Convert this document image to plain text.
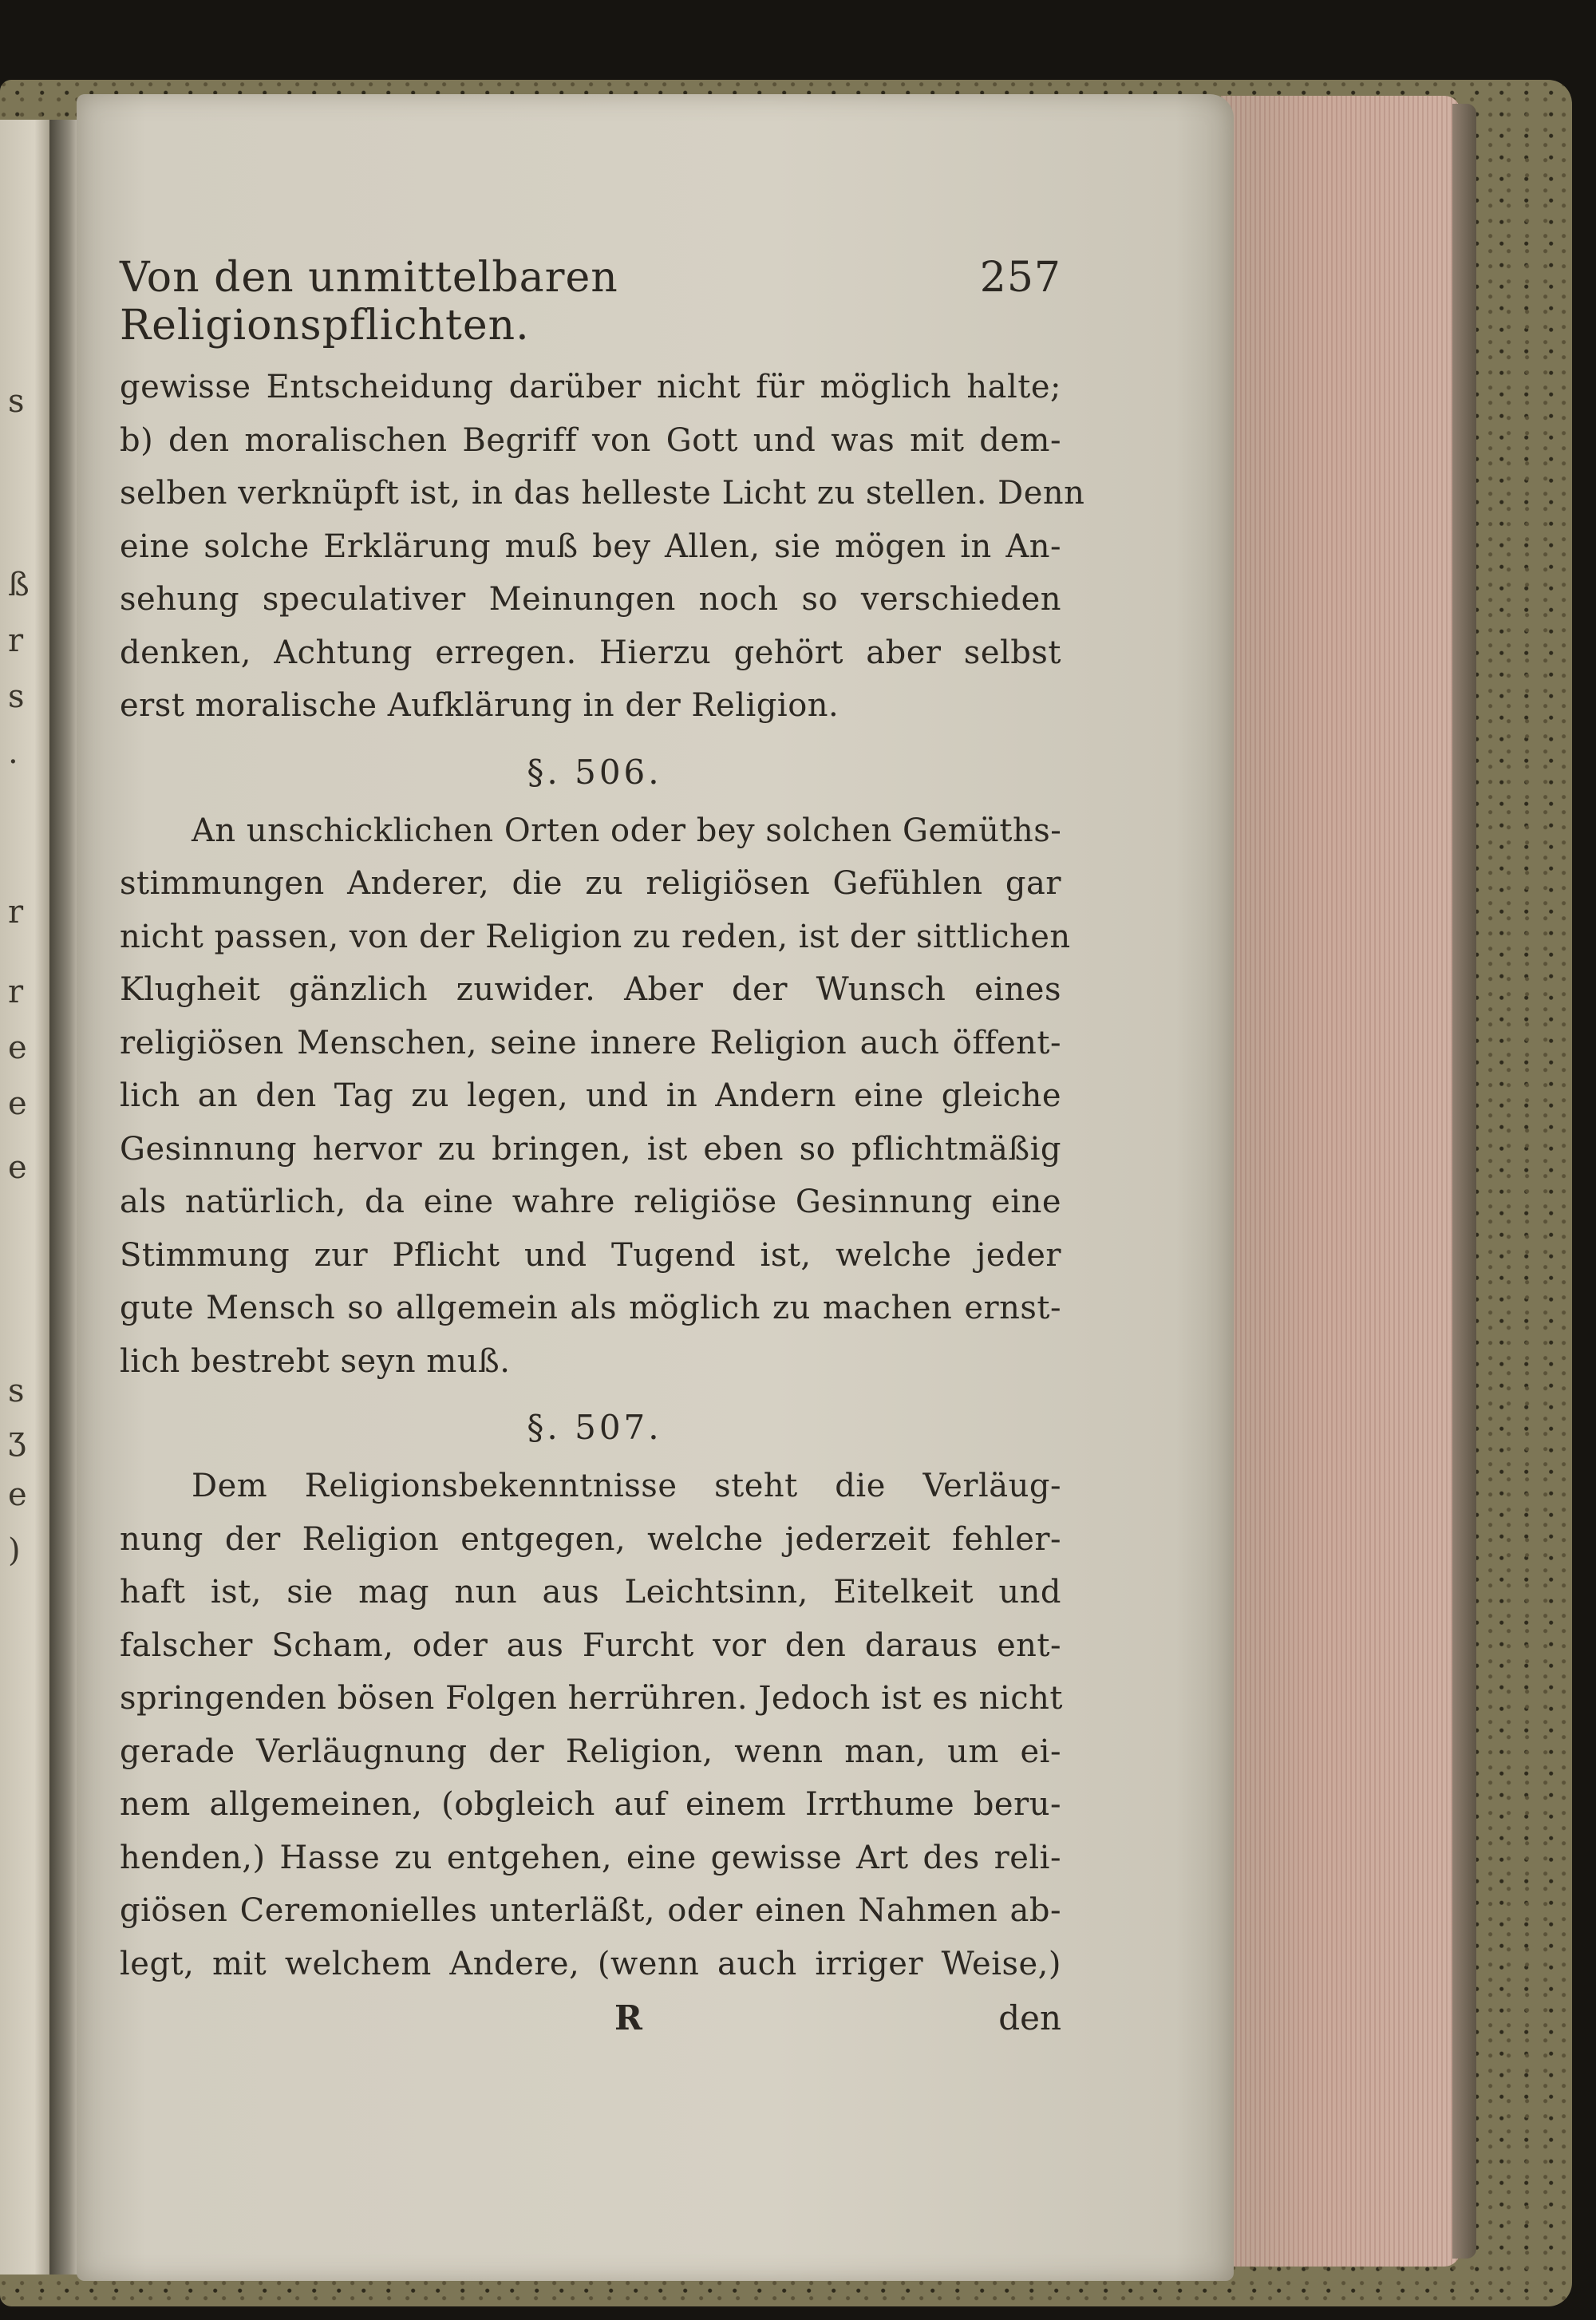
s
ß
r
s
.
r
r
e
e
e
s
ʒ
e
)
Von den unmittelbaren Religionspflichten.
257
gewisse Entscheidung darüber nicht für möglich halte;
b) den moralischen Begriff von Gott und was mit dem-
selben verknüpft ist, in das helleste Licht zu stellen. Denn
eine solche Erklärung muß bey Allen, sie mögen in An-
sehung speculativer Meinungen noch so verschieden
denken, Achtung erregen. Hierzu gehört aber selbst
erst moralische Aufklärung in der Religion.
§. 506.
An unschicklichen Orten oder bey solchen Gemüths-
stimmungen Anderer, die zu religiösen Gefühlen gar
nicht passen, von der Religion zu reden, ist der sittlichen
Klugheit gänzlich zuwider. Aber der Wunsch eines
religiösen Menschen, seine innere Religion auch öffent-
lich an den Tag zu legen, und in Andern eine gleiche
Gesinnung hervor zu bringen, ist eben so pflichtmäßig
als natürlich, da eine wahre religiöse Gesinnung eine
Stimmung zur Pflicht und Tugend ist, welche jeder
gute Mensch so allgemein als möglich zu machen ernst-
lich bestrebt seyn muß.
§. 507.
Dem Religionsbekenntnisse steht die Verläug-
nung der Religion entgegen, welche jederzeit fehler-
haft ist, sie mag nun aus Leichtsinn, Eitelkeit und
falscher Scham, oder aus Furcht vor den daraus ent-
springenden bösen Folgen herrühren. Jedoch ist es nicht
gerade Verläugnung der Religion, wenn man, um ei-
nem allgemeinen, (obgleich auf einem Irrthume beru-
henden,) Hasse zu entgehen, eine gewisse Art des reli-
giösen Ceremonielles unterläßt, oder einen Nahmen ab-
legt, mit welchem Andere, (wenn auch irriger Weise,)
R	den
